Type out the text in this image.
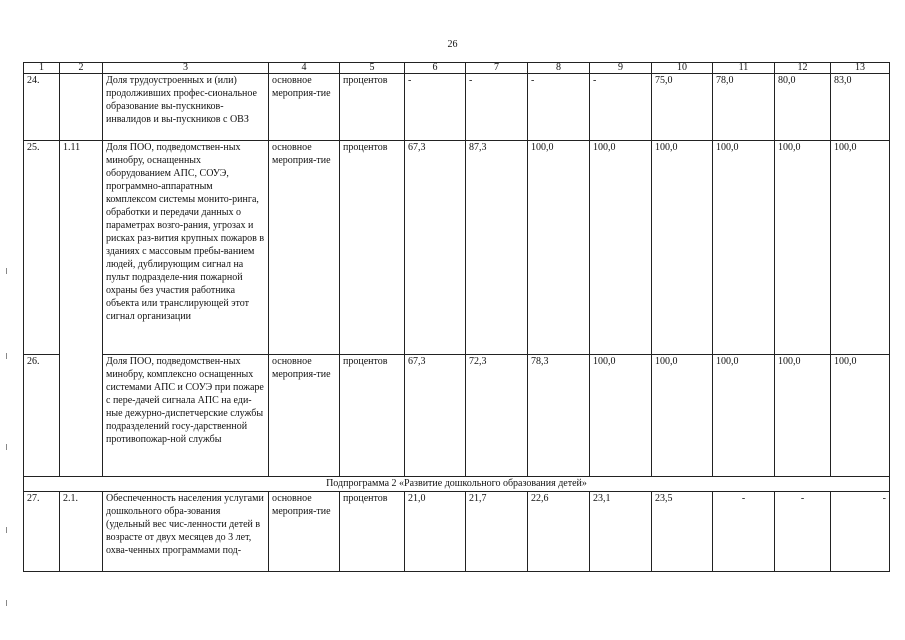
26
1	2	3	4	5	6	7	8	9	10	11	12	13
24.		Доля трудоустроенных и (или) продолживших профес-сиональное образование вы-пускников-инвалидов и вы-пускников с ОВЗ	основное мероприя-тие	процентов	-	-	-	-	75,0	78,0	80,0	83,0
25.	1.11	Доля ПОО, подведомствен-ных минобру, оснащенных оборудованием АПС, СОУЭ, программно-аппаратным комплексом системы монито-ринга, обработки и передачи данных о параметрах возго-рания, угрозах и рисках раз-вития крупных пожаров в зданиях с массовым пребы-ванием людей, дублирующим сигнал на пульт подразделе-ния пожарной охраны без участия работника объекта или транслирующей этот сигнал организации	основное мероприя-тие	процентов	67,3	87,3	100,0	100,0	100,0	100,0	100,0	100,0
26.		Доля ПОО, подведомствен-ных минобру, комплексно оснащенных системами АПС и СОУЭ при пожаре с пере-дачей сигнала АПС на еди-ные дежурно-диспетчерские службы подразделений госу-дарственной противопожар-ной службы	основное мероприя-тие	процентов	67,3	72,3	78,3	100,0	100,0	100,0	100,0	100,0
Подпрограмма 2 «Развитие дошкольного образования детей»												
27.	2.1.	Обеспеченность населения услугами дошкольного обра-зования (удельный вес чис-ленности детей в возрасте от двух месяцев до 3 лет, охва-ченных программами под-	основное мероприя-тие	процентов	21,0	21,7	22,6	23,1	23,5	-	-	-
